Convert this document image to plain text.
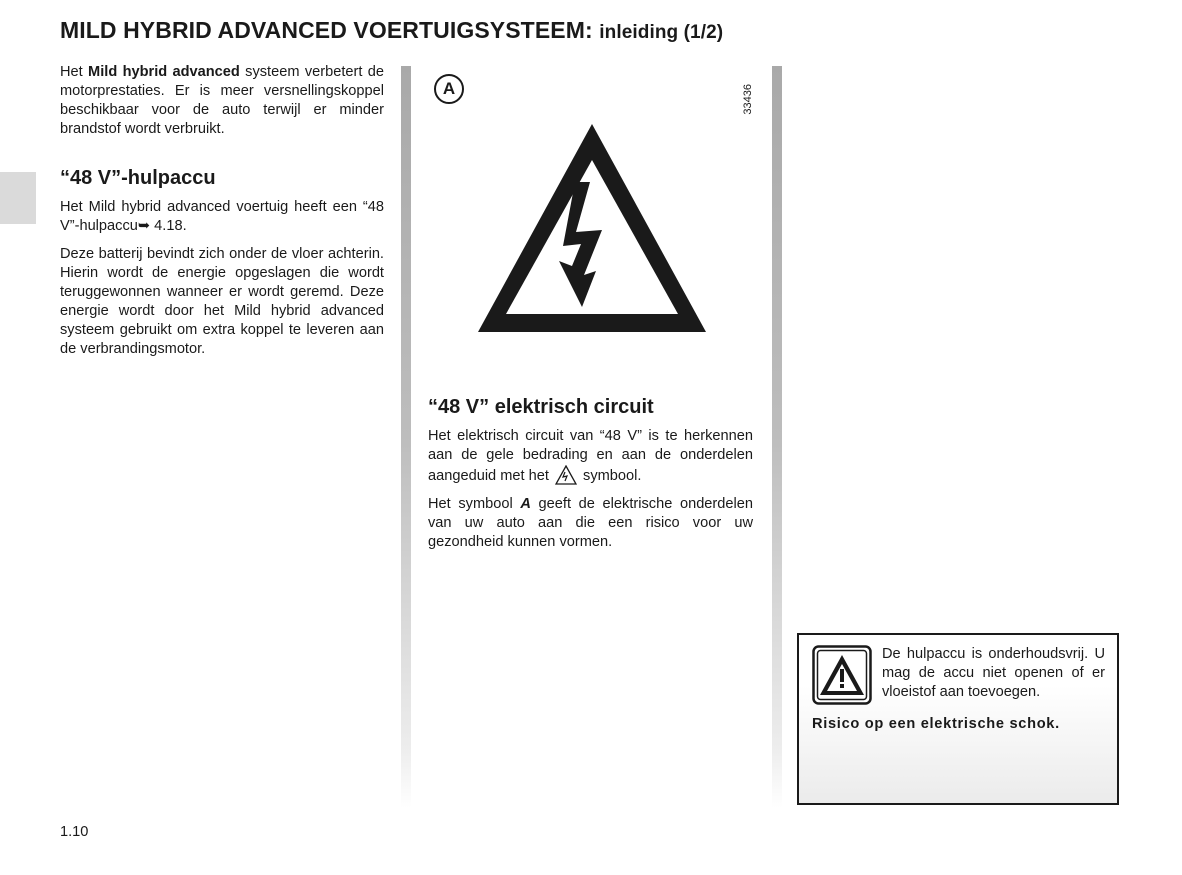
MILD HYBRID ADVANCED VOERTUIGSYSTEEM: inleiding (1/2)

Het Mild hybrid advanced systeem verbetert de motorprestaties. Er is meer versnellingskoppel beschikbaar voor de auto terwijl er minder brandstof wordt verbruikt.

“48 V”-hulpaccu

Het Mild hybrid advanced voertuig heeft een “48 V”-hulpaccu➥ 4.18.

Deze batterij bevindt zich onder de vloer achterin. Hierin wordt de energie opgeslagen die wordt teruggewonnen wanneer er wordt geremd. Deze energie wordt door het Mild hybrid advanced systeem gebruikt om extra koppel te leveren aan de verbrandingsmotor.

A	33436
“48 V” elektrisch circuit

Het elektrisch circuit van “48 V” is te herkennen aan de gele bedrading en aan de onderdelen aangeduid met het symbool.

Het symbool A geeft de elektrische onderdelen van uw auto aan die een risico voor uw gezondheid kunnen vormen.

De hulpaccu is onderhoudsvrij. U mag de accu niet openen of er vloeistof aan toevoegen.

Risico op een elektrische schok.

1.10
